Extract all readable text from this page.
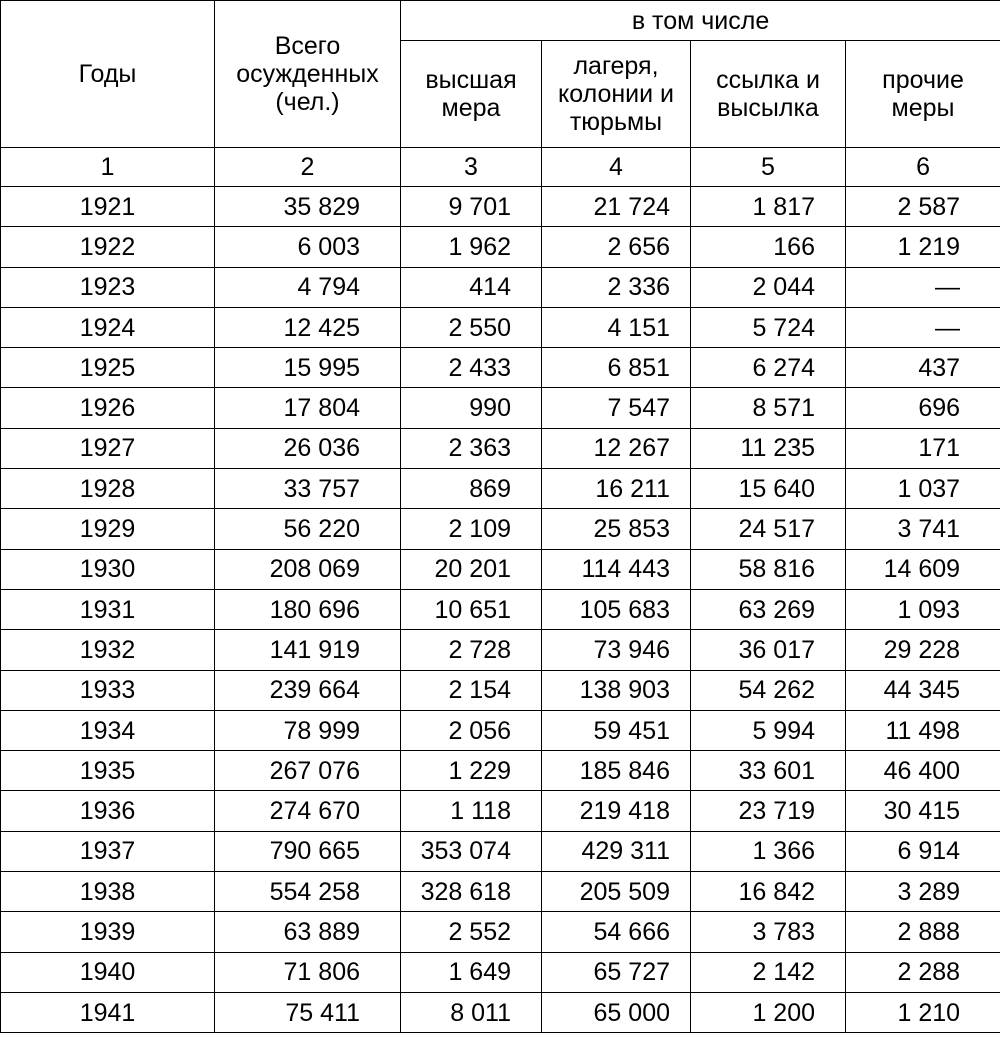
Годы	Всего осужденных (чел.)	в том числе			
		высшая мера	лагеря, колонии и тюрьмы	ссылка и высылка	прочие меры
1	2	3	4	5	6
1921	35 829	9 701	21 724	1 817	2 587
1922	6 003	1 962	2 656	166	1 219
1923	4 794	414	2 336	2 044	—
1924	12 425	2 550	4 151	5 724	—
1925	15 995	2 433	6 851	6 274	437
1926	17 804	990	7 547	8 571	696
1927	26 036	2 363	12 267	11 235	171
1928	33 757	869	16 211	15 640	1 037
1929	56 220	2 109	25 853	24 517	3 741
1930	208 069	20 201	114 443	58 816	14 609
1931	180 696	10 651	105 683	63 269	1 093
1932	141 919	2 728	73 946	36 017	29 228
1933	239 664	2 154	138 903	54 262	44 345
1934	78 999	2 056	59 451	5 994	11 498
1935	267 076	1 229	185 846	33 601	46 400
1936	274 670	1 118	219 418	23 719	30 415
1937	790 665	353 074	429 311	1 366	6 914
1938	554 258	328 618	205 509	16 842	3 289
1939	63 889	2 552	54 666	3 783	2 888
1940	71 806	1 649	65 727	2 142	2 288
1941	75 411	8 011	65 000	1 200	1 210
